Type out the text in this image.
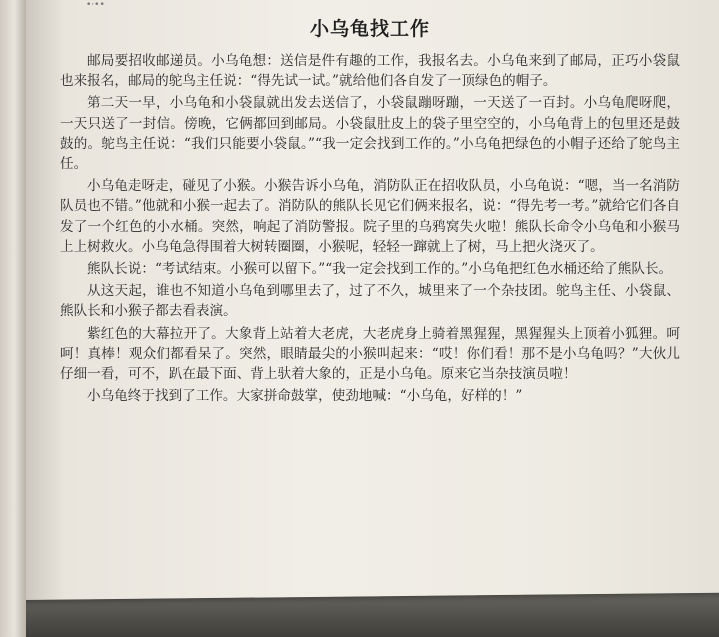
•·••
小乌龟找工作

邮局要招收邮递员。小乌龟想：送信是件有趣的工作，我报名去。小乌龟来到了邮局，正巧小袋鼠也来报名，邮局的鸵鸟主任说：“得先试一试。”就给他们各自发了一顶绿色的帽子。

第二天一早，小乌龟和小袋鼠就出发去送信了，小袋鼠蹦呀蹦，一天送了一百封。小乌龟爬呀爬，一天只送了一封信。傍晚，它俩都回到邮局。小袋鼠肚皮上的袋子里空空的，小乌龟背上的包里还是鼓鼓的。鸵鸟主任说：“我们只能要小袋鼠。”“我一定会找到工作的。”小乌龟把绿色的小帽子还给了鸵鸟主任。

小乌龟走呀走，碰见了小猴。小猴告诉小乌龟，消防队正在招收队员，小乌龟说：“嗯，当一名消防队员也不错。”他就和小猴一起去了。消防队的熊队长见它们俩来报名，说：“得先考一考。”就给它们各自发了一个红色的小水桶。突然，响起了消防警报。院子里的乌鸦窝失火啦！熊队长命令小乌龟和小猴马上上树救火。小乌龟急得围着大树转圈圈，小猴呢，轻轻一蹿就上了树，马上把火浇灭了。

熊队长说：“考试结束。小猴可以留下。”“我一定会找到工作的。”小乌龟把红色水桶还给了熊队长。

从这天起，谁也不知道小乌龟到哪里去了，过了不久，城里来了一个杂技团。鸵鸟主任、小袋鼠、熊队长和小猴子都去看表演。

紫红色的大幕拉开了。大象背上站着大老虎，大老虎身上骑着黑猩猩，黑猩猩头上顶着小狐狸。呵呵！真棒！观众们都看呆了。突然，眼睛最尖的小猴叫起来：“哎！你们看！那不是小乌龟吗？”大伙儿仔细一看，可不，趴在最下面、背上驮着大象的，正是小乌龟。原来它当杂技演员啦！

小乌龟终于找到了工作。大家拼命鼓掌，使劲地喊：“小乌龟，好样的！”
